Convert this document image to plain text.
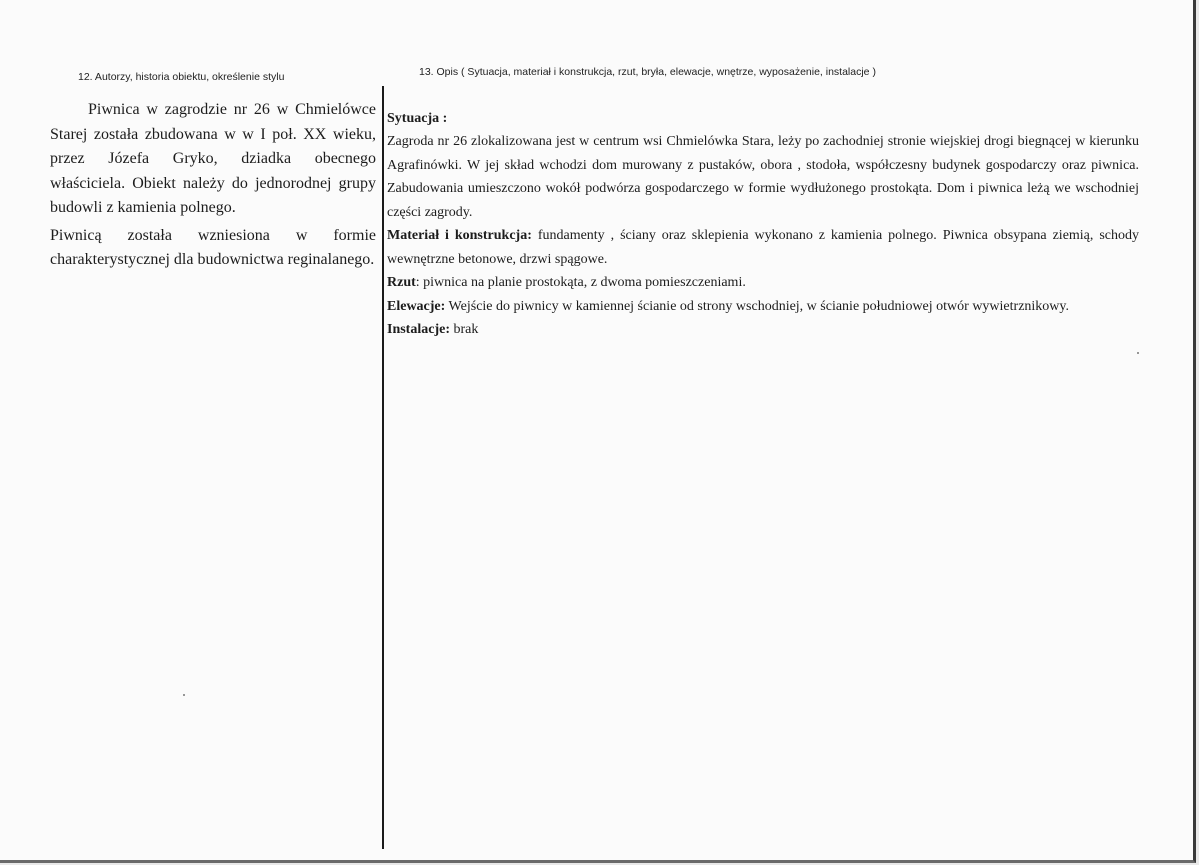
12. Autorzy, historia obiektu, określenie stylu	13. Opis ( Sytuacja, materiał i konstrukcja, rzut, bryła, elewacje, wnętrze, wyposażenie, instalacje )

Piwnica w zagrodzie nr 26 w Chmielówce Starej została zbudowana w w I poł. XX wieku, przez Józefa Gryko, dziadka obecnego właściciela. Obiekt należy do jednorodnej grupy budowli z kamienia polnego.

Piwnicą została wzniesiona w formie charakterystycznej dla budownictwa reginalanego.

Sytuacja :

Zagroda nr 26 zlokalizowana jest w centrum wsi Chmielówka Stara, leży po zachodniej stronie wiejskiej drogi biegnącej w kierunku Agrafinówki. W jej skład wchodzi dom murowany z pustaków, obora , stodoła, współczesny budynek gospodarczy oraz piwnica. Zabudowania umieszczono wokół podwórza gospodarczego w formie wydłużonego prostokąta. Dom i piwnica leżą we wschodniej części zagrody.

Materiał i konstrukcja: fundamenty , ściany oraz sklepienia wykonano z kamienia polnego. Piwnica obsypana ziemią, schody wewnętrzne betonowe, drzwi spągowe.

Rzut: piwnica na planie prostokąta, z dwoma pomieszczeniami.

Elewacje: Wejście do piwnicy w kamiennej ścianie od strony wschodniej, w ścianie południowej otwór wywietrznikowy.

Instalacje: brak
